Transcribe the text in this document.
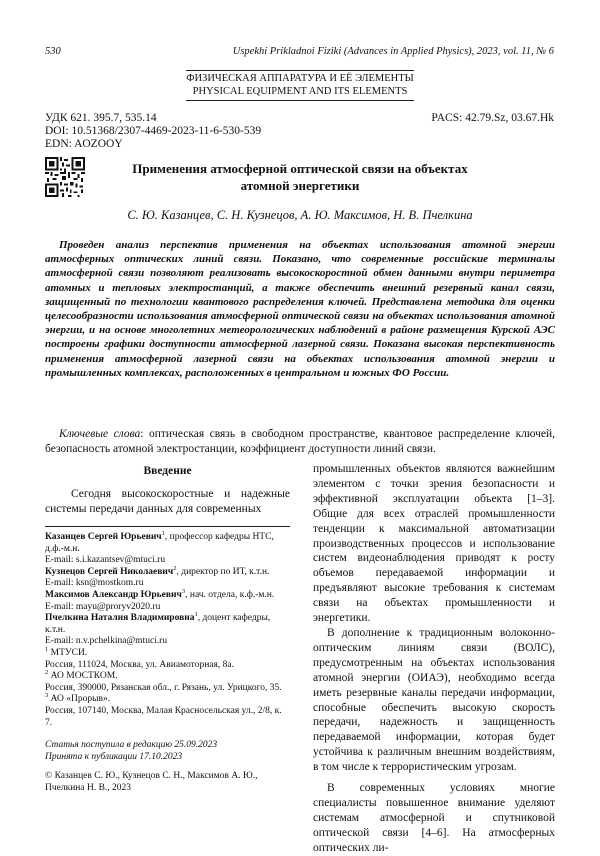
530	Uspekhi Prikladnoi Fiziki (Advances in Applied Physics), 2023, vol. 11, № 6
ФИЗИЧЕСКАЯ АППАРАТУРА И ЕЁ ЭЛЕМЕНТЫ
PHYSICAL EQUIPMENT AND ITS ELEMENTS
УДК 621. 395.7, 535.14
DOI: 10.51368/2307-4469-2023-11-6-530-539
EDN: AOZOOY
PACS: 42.79.Sz, 03.67.Hk
Применения атмосферной оптической связи на объектах атомной энергетики
С. Ю. Казанцев, С. Н. Кузнецов, А. Ю. Максимов, Н. В. Пчелкина

Проведен анализ перспектив применения на объектах использования атомной энергии атмосферных оптических линий связи. Показано, что современные российские терминалы атмосферной связи позволяют реализовать высокоскоростной обмен данными внутри периметра атомных и тепловых электростанций, а также обеспечить внешний резервный канал связи, защищенный по технологии квантового распределения ключей. Представлена методика для оценки целесообразности использования атмосферной оптической связи на объектах использования атомной энергии, и на основе многолетних метеорологических наблюдений в районе размещения Курской АЭС построены графики доступности атмосферной лазерной связи. Показана высокая перспективность применения атмосферной лазерной связи на объектах использования атомной энергии и промышленных комплексах, расположенных в центральном и южных ФО России.

Ключевые слова: оптическая связь в свободном пространстве, квантовое распределение ключей, безопасность атомной электростанции, коэффициент доступности линий связи.

Введение

Сегодня высокоскоростные и надежные системы передачи данных для современных

Казанцев Сергей Юрьевич$^1$, профессор кафедры НТС, д.ф.-м.н.
E-mail: s.i.kazantsev@mtuci.ru
Кузнецов Сергей Николаевич$^2$, директор по ИТ, к.т.н.
E-mail: ksn@mostkom.ru
Максимов Александр Юрьевич$^3$, нач. отдела, к.ф.-м.н.
E-mail: mayu@proryv2020.ru
Пчелкина Наталия Владимировна$^1$, доцент кафедры, к.т.н.
E-mail: n.v.pchelkina@mtuci.ru
$^1$ МТУСИ.
Россия, 111024, Москва, ул. Авиамоторная, 8а.
$^2$ АО МОСТКОМ.
Россия, 390000, Рязанская обл., г. Рязань, ул. Урицкого, 35.
$^3$ АО «Прорыв».
Россия, 107140, Москва, Малая Красносельская ул., 2/8, к. 7.
Статья поступила в редакцию 25.09.2023
Принята к публикации 17.10.2023
© Казанцев С. Ю., Кузнецов С. Н., Максимов А. Ю., Пчелкина Н. В., 2023

промышленных объектов являются важнейшим элементом с точки зрения безопасности и эффективной эксплуатации объекта [1–3]. Общие для всех отраслей промышленности тенденции к максимальной автоматизации производственных процессов и использование систем видеонаблюдения приводят к росту объемов передаваемой информации и предъявляют высокие требования к системам связи на объектах промышленности и энергетики.

В дополнение к традиционным волоконно-оптическим линиям связи (ВОЛС), предусмотренным на объектах использования атомной энергии (ОИАЭ), необходимо всегда иметь резервные каналы передачи информации, способные обеспечить высокую скорость передачи, надежность и защищенность передаваемой информации, которая будет устойчива к различным внешним воздействиям, в том числе к террористическим угрозам.

В современных условиях многие специалисты повышенное внимание уделяют системам атмосферной и спутниковой оптической связи [4–6]. На атмосферных оптических ли-
